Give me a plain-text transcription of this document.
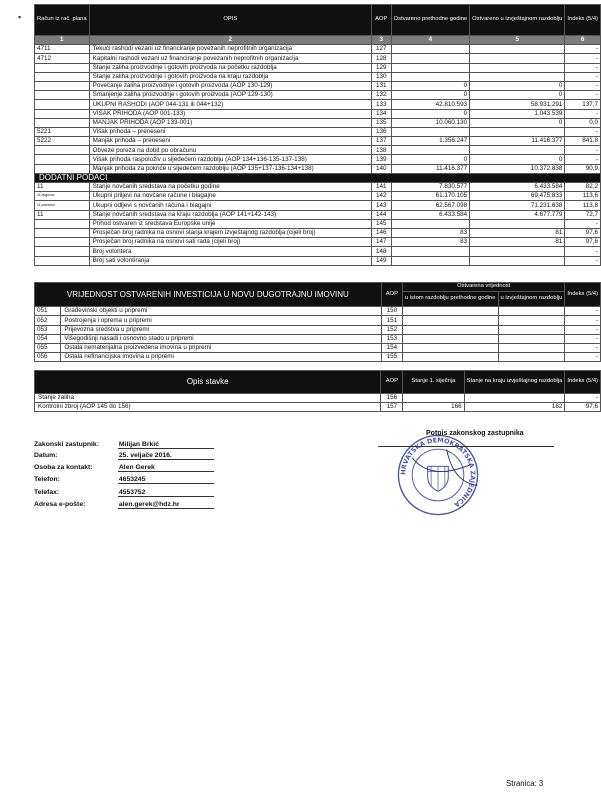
▪	Račun iz rač. plana	OPIS	AOP	Ostvareno prethodne godine	Ostvareno u izvještajnom razdoblju	Indeks (5/4)
1	2	3	4	5	6
4711	Tekući rashodi vezani uz financiranje povezanih neprofitnih organizacija	127			-
4712	Kapitalni rashodi vezani uz financiranje povezanih neprofitnih organizacija	128			-
	Stanje zaliha proizvodnje i gotovih proizvoda na početku razdoblja	129			-
	Stanje zaliha proizvodnje i gotovih proizvoda na kraju razdoblja	130			-
	Povećanje zaliha proizvodnje i gotovih proizvoda (AOP 130-129)	131	0	0	-
	Smanjenje zaliha proizvodnje i gotovih proizvoda (AOP 129-130)	132	0	0	-
	UKUPNI RASHODI (AOP 044-131 ili 044+132)	133	42.810.593	58.931.291	137,7
	VIŠAK PRIHODA (AOP 001-133)	134	0	1.043.539	-
	MANJAK PRIHODA (AOP 133-001)	135	10.060.130	0	0,0
5221	Višak prihoda – preneseni	136			-
5222	Manjak prihoda – preneseni	137	1.356.247	11.416.377	841,8
	Obveze poreza na dobit po obračunu	138			-
	Višak prihoda raspoloživ u sljedećem razdoblju (AOP 134+136-135-137-138)	139	0	0	-
	Manjak prihoda za pokriće u sljedećem razdoblju (AOP 135+137-136-134+138)	140	11.416.377	10.372.838	90,9
DODATNI PODACI					
11	Stanje novčanih sredstava na početku godine	141	7.830.577	6.433.584	82,2
11-dugovno	Ukupni priljevi na novčane račune i blagajne	142	61.170.105	69.475.833	113,6
11-potražno	Ukupni odljevi s novčanih računa i blagajni	143	62.567.098	71.231.638	113,8
11	Stanje novčanih sredstava na kraju razdoblja (AOP 141+142-143)	144	6.433.584	4.677.779	72,7
	Prihod ostvaren iz sredstava Europske unije	145			-
	Prosječan broj radnika na osnovi stanja krajem izvještajnog razdoblja (cijeli broj)	146	83	81	97,6
	Prosječan broj radnika na osnovi sati rada (cijeli broj)	147	83	81	97,6
	Broj volontera	148			-
	Broj sati volontiranja	149			-
VRIJEDNOST OSTVARENIH INVESTICIJA U NOVU DUGOTRAJNU IMOVINU		AOP	Ostvarena vrijednost		Indeks (5/4)
			u istom razdoblju prethodne godine	u izvještajnom razdoblju	
051	Građevinski objekti u pripremi	150			-
052	Postrojenja i oprema u pripremi	151			-
053	Prijevozna sredstva u pripremi	152			-
054	Višegodišnji nasadi i osnovno stado u pripremi	153			-
055	Ostala nematerijalna proizvedena imovina u pripremi	154			-
056	Ostala nefinancijska imovina u pripremi	155			-
Opis stavke	AOP	Stanje 1. siječnja	Stanje na kraju izvještajnog razdoblja	Indeks (5/4)
Stanje zaliha	156			-
Kontrolni zbroj (AOP 145 do 156)	157	166	162	97,6
Potpis zakonskog zastupnika
HRVATSKA DEMOKRATSKA ZAJEDNICA
Zakonski zastupnik:	Milijan Brkić
Datum:	25. veljače 2016.
Osoba za kontakt:	Alen Gerek
Telefon:	4653245
Telefax:	4553752
Adresa e-pošte:	alen.gerek@hdz.hr
Stranica: 3
